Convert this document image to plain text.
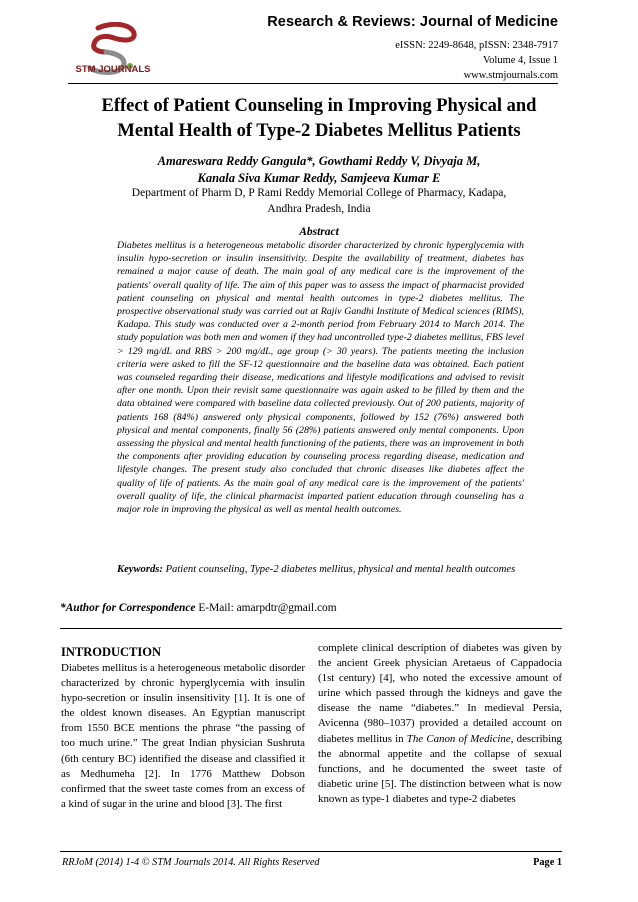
STM JOURNALS
Research & Reviews: Journal of Medicine
eISSN: 2249-8648, pISSN: 2348-7917
Volume 4, Issue 1
www.stmjournals.com
Effect of Patient Counseling in Improving Physical and
Mental Health of Type-2 Diabetes Mellitus Patients
Amareswara Reddy Gangula*, Gowthami Reddy V, Divyaja M,
Kanala Siva Kumar Reddy, Samjeeva Kumar E
Department of Pharm D, P Rami Reddy Memorial College of Pharmacy, Kadapa,
Andhra Pradesh, India
Abstract

Diabetes mellitus is a heterogeneous metabolic disorder characterized by chronic hyperglycemia with insulin hypo-secretion or insulin insensitivity. Despite the availability of treatment, diabetes has remained a major cause of death. The main goal of any medical care is the improvement of the patients' overall quality of life. The aim of this paper was to assess the impact of pharmacist provided patient counseling on physical and mental health outcomes in type-2 diabetes mellitus. The prospective observational study was carried out at Rajiv Gandhi Institute of Medical sciences (RIMS), Kadapa. This study was conducted over a 2-month period from February 2014 to March 2014. The study population was both men and women if they had uncontrolled type-2 diabetes mellitus, FBS level > 129 mg/dL and RBS > 200 mg/dL, age group (> 30 years). The patients meeting the inclusion criteria were asked to fill the SF-12 questionnaire and the baseline data was obtained. Each patient was counseled regarding their disease, medications and lifestyle modifications and advised to revisit after one month. Upon their revisit same questionnaire was again asked to be filled by them and the data obtained were compared with baseline data collected previously. Out of 200 patients, majority of patients 168 (84%) answered only physical components, followed by 152 (76%) answered both physical and mental components, finally 56 (28%) patients answered only mental components. Upon assessing the physical and mental health functioning of the patients, there was an improvement in both the components after providing education by counseling process regarding disease, medication and lifestyle changes. The present study also concluded that chronic diseases like diabetes affect the quality of life of patients. As the main goal of any medical care is the improvement of the patients' overall quality of life, the clinical pharmacist imparted patient education through counseling has a major role in improving the physical as well as mental health outcomes.

Keywords: Patient counseling, Type-2 diabetes mellitus, physical and mental health outcomes

*Author for Correspondence E-Mail: amarpdtr@gmail.com
INTRODUCTION

Diabetes mellitus is a heterogeneous metabolic disorder characterized by chronic hyperglycemia with insulin hypo-secretion or insulin insensitivity [1]. It is one of the oldest known diseases. An Egyptian manuscript from 1550 BCE mentions the phrase “the passing of too much urine.” The great Indian physician Sushruta (6th century BC) identified the disease and classified it as Medhumeha [2]. In 1776 Matthew Dobson confirmed that the sweet taste comes from an excess of a kind of sugar in the urine and blood [3]. The first

complete clinical description of diabetes was given by the ancient Greek physician Aretaeus of Cappadocia (1st century) [4], who noted the excessive amount of urine which passed through the kidneys and gave the disease the name “diabetes.” In medieval Persia, Avicenna (980–1037) provided a detailed account on diabetes mellitus in The Canon of Medicine, describing the abnormal appetite and the collapse of sexual functions, and he documented the sweet taste of diabetic urine [5]. The distinction between what is now known as type-1 diabetes and type-2 diabetes

RRJoM (2014) 1-4 © STM Journals 2014. All Rights Reserved	Page 1
